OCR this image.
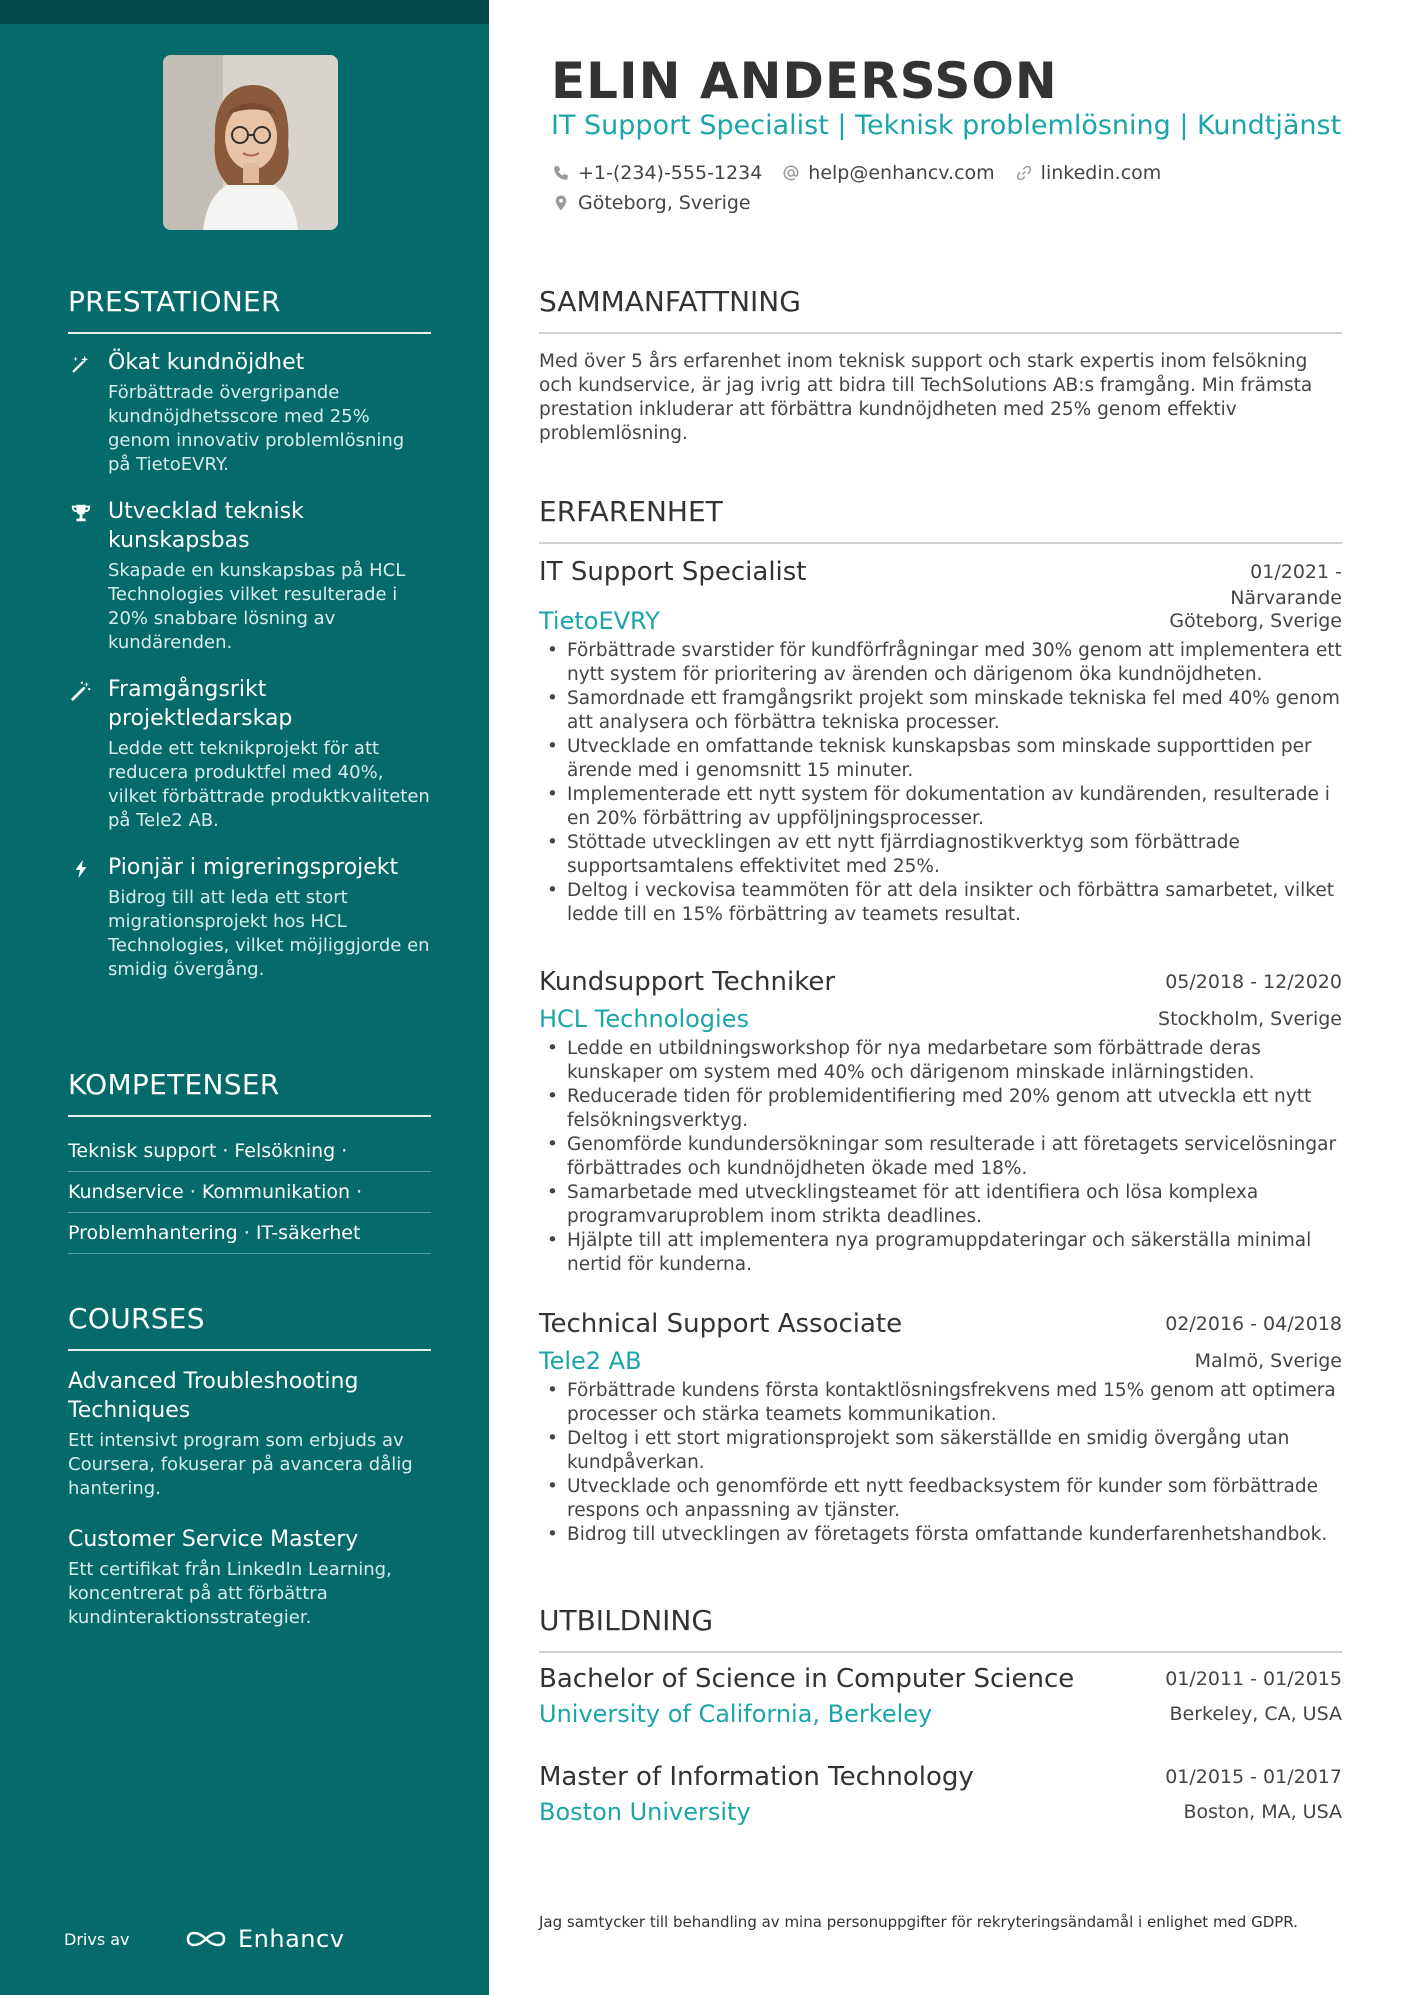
PRESTATIONER
Ökat kundnöjdhet
Förbättrade övergripande kundnöjdhetsscore med 25% genom innovativ problemlösning på TietoEVRY.
Utvecklad teknisk kunskapsbas
Skapade en kunskapsbas på HCL Technologies vilket resulterade i 20% snabbare lösning av kundärenden.
Framgångsrikt projektledarskap
Ledde ett teknikprojekt för att reducera produktfel med 40%, vilket förbättrade produktkvaliteten på Tele2 AB.
Pionjär i migreringsprojekt
Bidrog till att leda ett stort migrationsprojekt hos HCL Technologies, vilket möjliggjorde en smidig övergång.
KOMPETENSER
Teknisk support · Felsökning ·
Kundservice · Kommunikation ·
Problemhantering · IT-säkerhet
COURSES
Advanced Troubleshooting Techniques
Ett intensivt program som erbjuds av Coursera, fokuserar på avancera dålig hantering.
Customer Service Mastery
Ett certifikat från LinkedIn Learning, koncentrerat på att förbättra kundinteraktionsstrategier.
Drivs av	Enhancv
ELIN ANDERSSON
IT Support Specialist | Teknisk problemlösning | Kundtjänst
+1-(234)-555-1234 help@enhancv.com linkedin.com
Göteborg, Sverige
SAMMANFATTNING
Med över 5 års erfarenhet inom teknisk support och stark expertis inom felsökning och kundservice, är jag ivrig att bidra till TechSolutions AB:s framgång. Min främsta prestation inkluderar att förbättra kundnöjdheten med 25% genom effektiv problemlösning.
ERFARENHET
IT Support Specialist	01/2021 -
Närvarande
TietoEVRY	Göteborg, Sverige
• Förbättrade svarstider för kundförfrågningar med 30% genom att implementera ett nytt system för prioritering av ärenden och därigenom öka kundnöjdheten.
• Samordnade ett framgångsrikt projekt som minskade tekniska fel med 40% genom att analysera och förbättra tekniska processer.
• Utvecklade en omfattande teknisk kunskapsbas som minskade supporttiden per ärende med i genomsnitt 15 minuter.
• Implementerade ett nytt system för dokumentation av kundärenden, resulterade i en 20% förbättring av uppföljningsprocesser.
• Stöttade utvecklingen av ett nytt fjärrdiagnostikverktyg som förbättrade supportsamtalens effektivitet med 25%.
• Deltog i veckovisa teammöten för att dela insikter och förbättra samarbetet, vilket ledde till en 15% förbättring av teamets resultat.
Kundsupport Techniker	05/2018 - 12/2020
HCL Technologies	Stockholm, Sverige
• Ledde en utbildningsworkshop för nya medarbetare som förbättrade deras kunskaper om system med 40% och därigenom minskade inlärningstiden.
• Reducerade tiden för problemidentifiering med 20% genom att utveckla ett nytt felsökningsverktyg.
• Genomförde kundundersökningar som resulterade i att företagets servicelösningar förbättrades och kundnöjdheten ökade med 18%.
• Samarbetade med utvecklingsteamet för att identifiera och lösa komplexa programvaruproblem inom strikta deadlines.
• Hjälpte till att implementera nya programuppdateringar och säkerställa minimal nertid för kunderna.
Technical Support Associate	02/2016 - 04/2018
Tele2 AB	Malmö, Sverige
• Förbättrade kundens första kontaktlösningsfrekvens med 15% genom att optimera processer och stärka teamets kommunikation.
• Deltog i ett stort migrationsprojekt som säkerställde en smidig övergång utan kundpåverkan.
• Utvecklade och genomförde ett nytt feedbacksystem för kunder som förbättrade respons och anpassning av tjänster.
• Bidrog till utvecklingen av företagets första omfattande kunderfarenhetshandbok.
UTBILDNING
Bachelor of Science in Computer Science	01/2011 - 01/2015
University of California, Berkeley	Berkeley, CA, USA
Master of Information Technology	01/2015 - 01/2017
Boston University	Boston, MA, USA
Jag samtycker till behandling av mina personuppgifter för rekryteringsändamål i enlighet med GDPR.
